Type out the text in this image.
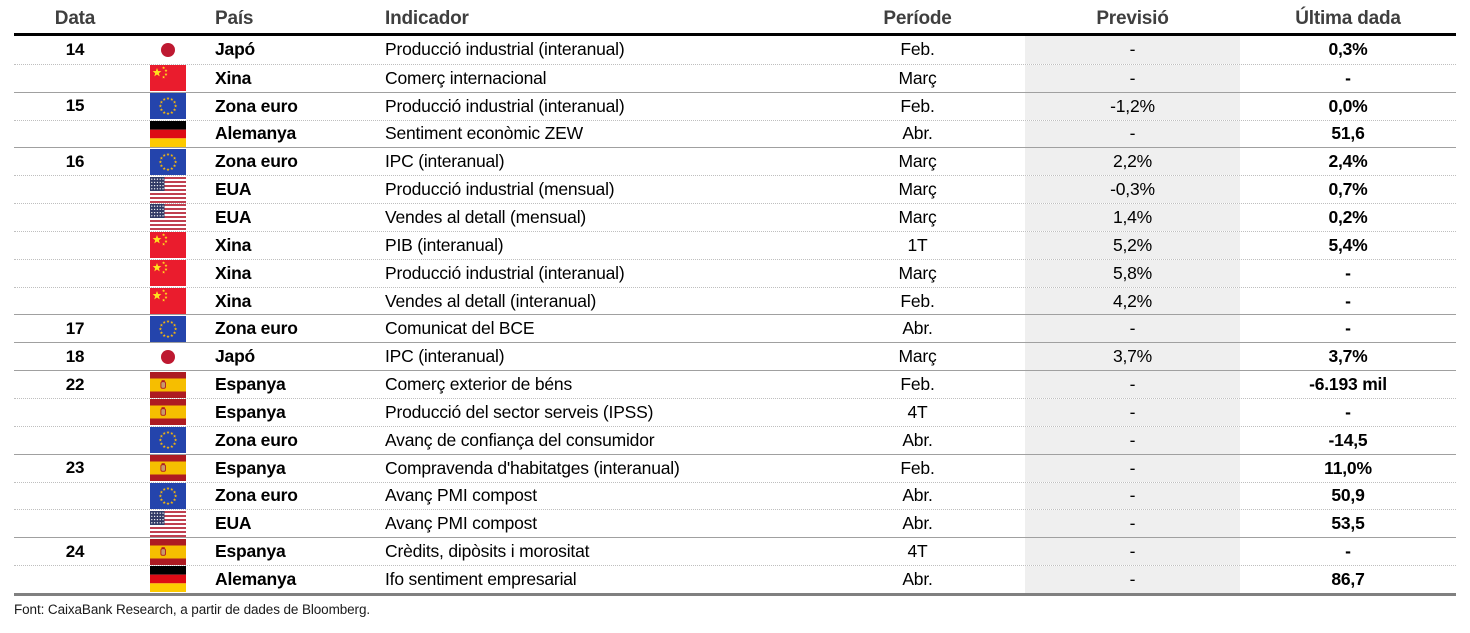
Data	País	Indicador	Període	Previsió	Última dada
14	Japó	Producció industrial (interanual)	Feb.	-	0,3%
Xina	Comerç internacional	Març	-	-
15	Zona euro	Producció industrial (interanual)	Feb.	-1,2%	0,0%
Alemanya	Sentiment econòmic ZEW	Abr.	-	51,6
16	Zona euro	IPC (interanual)	Març	2,2%	2,4%
EUA	Producció industrial (mensual)	Març	-0,3%	0,7%
EUA	Vendes al detall (mensual)	Març	1,4%	0,2%
Xina	PIB (interanual)	1T	5,2%	5,4%
Xina	Producció industrial (interanual)	Març	5,8%	-
Xina	Vendes al detall (interanual)	Feb.	4,2%	-
17	Zona euro	Comunicat del BCE	Abr.	-	-
18	Japó	IPC (interanual)	Març	3,7%	3,7%
22	Espanya	Comerç exterior de béns	Feb.	-	-6.193 mil
Espanya	Producció del sector serveis (IPSS)	4T	-	-
Zona euro	Avanç de confiança del consumidor	Abr.	-	-14,5
23	Espanya	Compravenda d'habitatges (interanual)	Feb.	-	11,0%
Zona euro	Avanç PMI compost	Abr.	-	50,9
EUA	Avanç PMI compost	Abr.	-	53,5
24	Espanya	Crèdits, dipòsits i morositat	4T	-	-
Alemanya	Ifo sentiment empresarial	Abr.	-	86,7
Font: CaixaBank Research, a partir de dades de Bloomberg.
